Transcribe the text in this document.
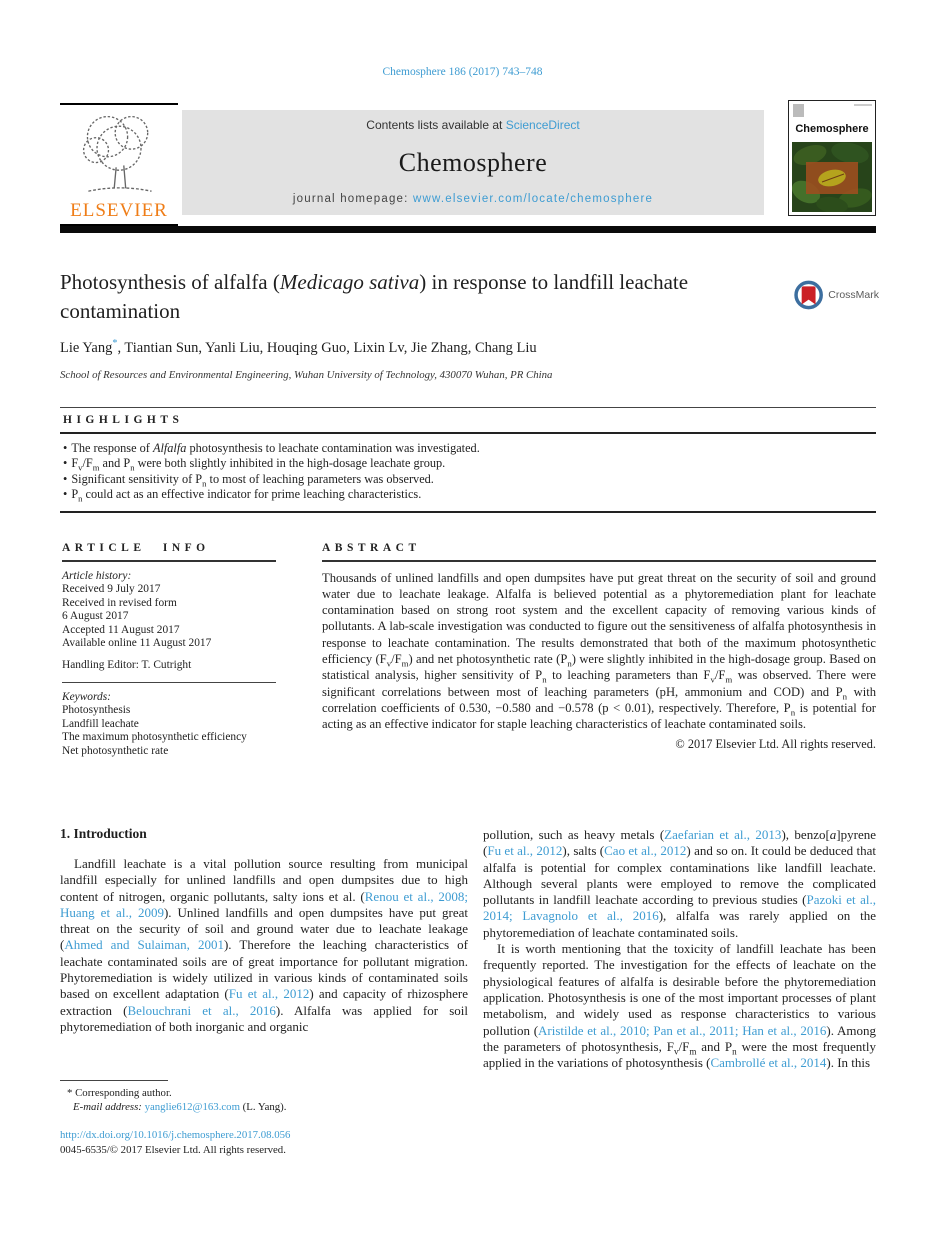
Chemosphere 186 (2017) 743–748
ELSEVIER
Contents lists available at ScienceDirect
Chemosphere
journal homepage: www.elsevier.com/locate/chemosphere
Chemosphere
Photosynthesis of alfalfa (Medicago sativa) in response to landfill leachate contamination
CrossMark
Lie Yang*, Tiantian Sun, Yanli Liu, Houqing Guo, Lixin Lv, Jie Zhang, Chang Liu
School of Resources and Environmental Engineering, Wuhan University of Technology, 430070 Wuhan, PR China
HIGHLIGHTS
• The response of Alfalfa photosynthesis to leachate contamination was investigated.
• $F_v/F_m$ and $P_n$ were both slightly inhibited in the high-dosage leachate group.
• Significant sensitivity of $P_n$ to most of leaching parameters was observed.
• $P_n$ could act as an effective indicator for prime leaching characteristics.
ARTICLE INFO
Article history:
Received 9 July 2017
Received in revised form
6 August 2017
Accepted 11 August 2017
Available online 11 August 2017
Handling Editor: T. Cutright
Keywords:
Photosynthesis
Landfill leachate
The maximum photosynthetic efficiency
Net photosynthetic rate
ABSTRACT
Thousands of unlined landfills and open dumpsites have put great threat on the security of soil and ground water due to leachate leakage. Alfalfa is believed potential as a phytoremediation plant for leachate contamination based on strong root system and the excellent capacity of removing various kinds of pollutants. A lab-scale investigation was conducted to figure out the sensitiveness of alfalfa photosynthesis in response to leachate contamination. The results demonstrated that both of the maximum photosynthetic efficiency $(F_v/F_m)$ and net photosynthetic rate $(P_n)$ were slightly inhibited in the high-dosage group. Based on statistical analysis, higher sensitivity of $P_n$ to leaching parameters than $F_v/F_m$ was observed. There were significant correlations between most of leaching parameters (pH, ammonium and COD) and $P_n$ with correlation coefficients of 0.530, −0.580 and −0.578 (p < 0.01), respectively. Therefore, $P_n$ is potential for acting as an effective indicator for staple leaching characteristics of leachate contaminated soils.
© 2017 Elsevier Ltd. All rights reserved.
1. Introduction

Landfill leachate is a vital pollution source resulting from municipal landfill especially for unlined landfills and open dumpsites due to high content of nitrogen, organic pollutants, salty ions et al. (Renou et al., 2008; Huang et al., 2009). Unlined landfills and open dumpsites have put great threat on the security of soil and ground water due to leachate leakage (Ahmed and Sulaiman, 2001). Therefore the leaching characteristics of leachate contaminated soils are of great importance for pollutant migration. Phytoremediation is widely utilized in various kinds of contaminated soils based on excellent adaptation (Fu et al., 2012) and capacity of rhizosphere extraction (Belouchrani et al., 2016). Alfalfa was applied for soil phytoremediation of both inorganic and organic

pollution, such as heavy metals (Zaefarian et al., 2013), benzo[a]pyrene (Fu et al., 2012), salts (Cao et al., 2012) and so on. It could be deduced that alfalfa is potential for complex contaminations like landfill leachate. Although several plants were employed to remove the complicated pollutants in landfill leachate according to previous studies (Pazoki et al., 2014; Lavagnolo et al., 2016), alfalfa was rarely applied on the phytoremediation of leachate contaminated soils.

It is worth mentioning that the toxicity of landfill leachate has been frequently reported. The investigation for the effects of leachate on the physiological features of alfalfa is desirable before the phytoremediation application. Photosynthesis is one of the most important processes of plant metabolism, and widely used as response characteristics to various pollution (Aristilde et al., 2010; Pan et al., 2011; Han et al., 2016). Among the parameters of photosynthesis, $F_v/F_m$ and $P_n$ were the most frequently applied in the variations of photosynthesis (Cambrollé et al., 2014). In this

* Corresponding author.
E-mail address: yanglie612@163.com (L. Yang).
http://dx.doi.org/10.1016/j.chemosphere.2017.08.056
0045-6535/© 2017 Elsevier Ltd. All rights reserved.
